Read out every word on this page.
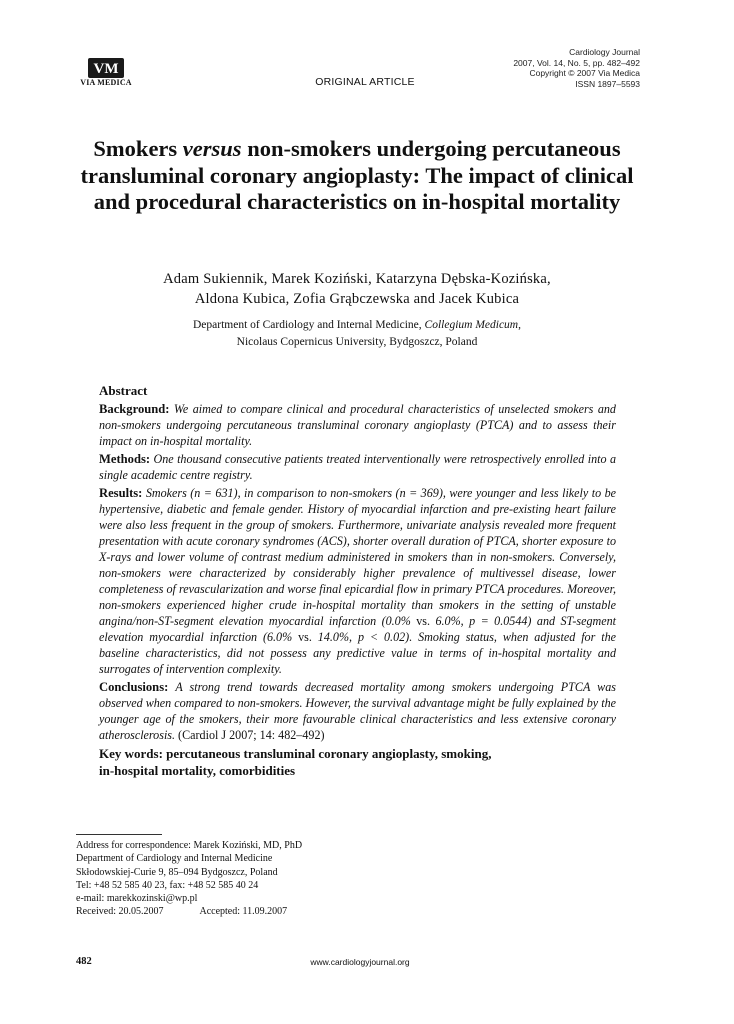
VM
VIA MEDICA	ORIGINAL ARTICLE
Cardiology Journal
2007, Vol. 14, No. 5, pp. 482–492
Copyright © 2007 Via Medica
ISSN 1897–5593
Smokers versus non-smokers undergoing percutaneous transluminal coronary angioplasty: The impact of clinical and procedural characteristics on in-hospital mortality
Adam Sukiennik, Marek Koziński, Katarzyna Dębska-Kozińska,
Aldona Kubica, Zofia Grąbczewska and Jacek Kubica
Department of Cardiology and Internal Medicine, Collegium Medicum,
Nicolaus Copernicus University, Bydgoszcz, Poland
Abstract

Background: We aimed to compare clinical and procedural characteristics of unselected smokers and non-smokers undergoing percutaneous transluminal coronary angioplasty (PTCA) and to assess their impact on in-hospital mortality.

Methods: One thousand consecutive patients treated interventionally were retrospectively enrolled into a single academic centre registry.

Results: Smokers (n = 631), in comparison to non-smokers (n = 369), were younger and less likely to be hypertensive, diabetic and female gender. History of myocardial infarction and pre-existing heart failure were also less frequent in the group of smokers. Furthermore, univariate analysis revealed more frequent presentation with acute coronary syndromes (ACS), shorter overall duration of PTCA, shorter exposure to X-rays and lower volume of contrast medium administered in smokers than in non-smokers. Conversely, non-smokers were characterized by considerably higher prevalence of multivessel disease, lower completeness of revascularization and worse final epicardial flow in primary PTCA procedures. Moreover, non-smokers experienced higher crude in-hospital mortality than smokers in the setting of unstable angina/non-ST-segment elevation myocardial infarction (0.0% vs. 6.0%, p = 0.0544) and ST-segment elevation myocardial infarction (6.0% vs. 14.0%, p < 0.02). Smoking status, when adjusted for the baseline characteristics, did not possess any predictive value in terms of in-hospital mortality and surrogates of intervention complexity.

Conclusions: A strong trend towards decreased mortality among smokers undergoing PTCA was observed when compared to non-smokers. However, the survival advantage might be fully explained by the younger age of the smokers, their more favourable clinical characteristics and less extensive coronary atherosclerosis. (Cardiol J 2007; 14: 482–492)

Key words: percutaneous transluminal coronary angioplasty, smoking,
in-hospital mortality, comorbidities
Address for correspondence: Marek Koziński, MD, PhD
Department of Cardiology and Internal Medicine
Skłodowskiej-Curie 9, 85–094 Bydgoszcz, Poland
Tel: +48 52 585 40 23, fax: +48 52 585 40 24
e-mail: marekkozinski@wp.pl
Received: 20.05.2007	Accepted: 11.09.2007
482	www.cardiologyjournal.org
